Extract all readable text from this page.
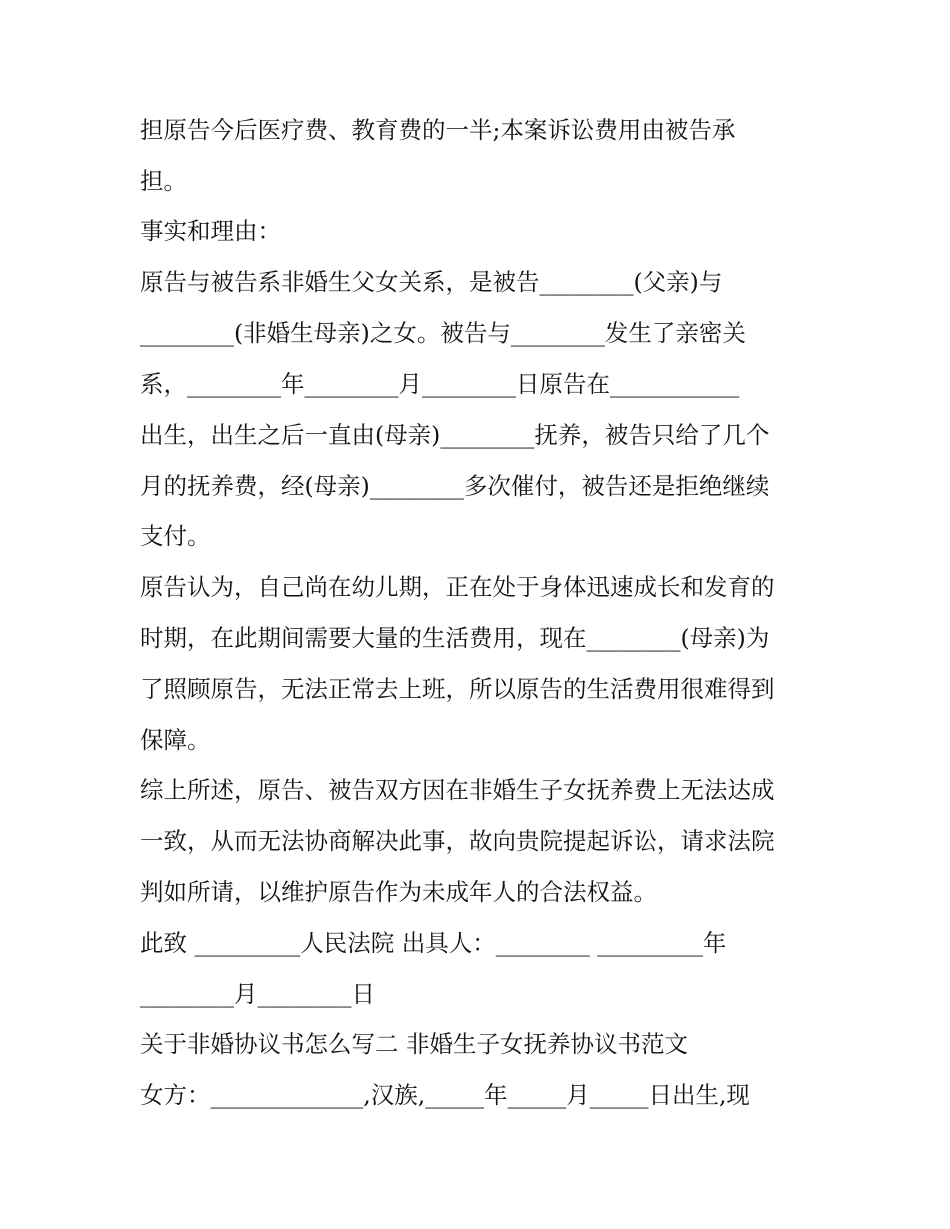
担原告今后医疗费、教育费的一半;本案诉讼费用由被告承
担。
事实和理由：
原告与被告系非婚生父女关系，是被告________(父亲)与
________(非婚生母亲)之女。被告与________发生了亲密关
系，________年________月________日原告在___________
出生，出生之后一直由(母亲)________抚养，被告只给了几个
月的抚养费，经(母亲)________多次催付，被告还是拒绝继续
支付。
原告认为，自己尚在幼儿期，正在处于身体迅速成长和发育的
时期，在此期间需要大量的生活费用，现在________(母亲)为
了照顾原告，无法正常去上班，所以原告的生活费用很难得到
保障。
综上所述，原告、被告双方因在非婚生子女抚养费上无法达成
一致，从而无法协商解决此事，故向贵院提起诉讼，请求法院
判如所请，以维护原告作为未成年人的合法权益。
此致 _________人民法院 出具人：________ _________年
________月________日
关于非婚协议书怎么写二 非婚生子女抚养协议书范文
女方：_____________,汉族,_____年_____月_____日出生,现
